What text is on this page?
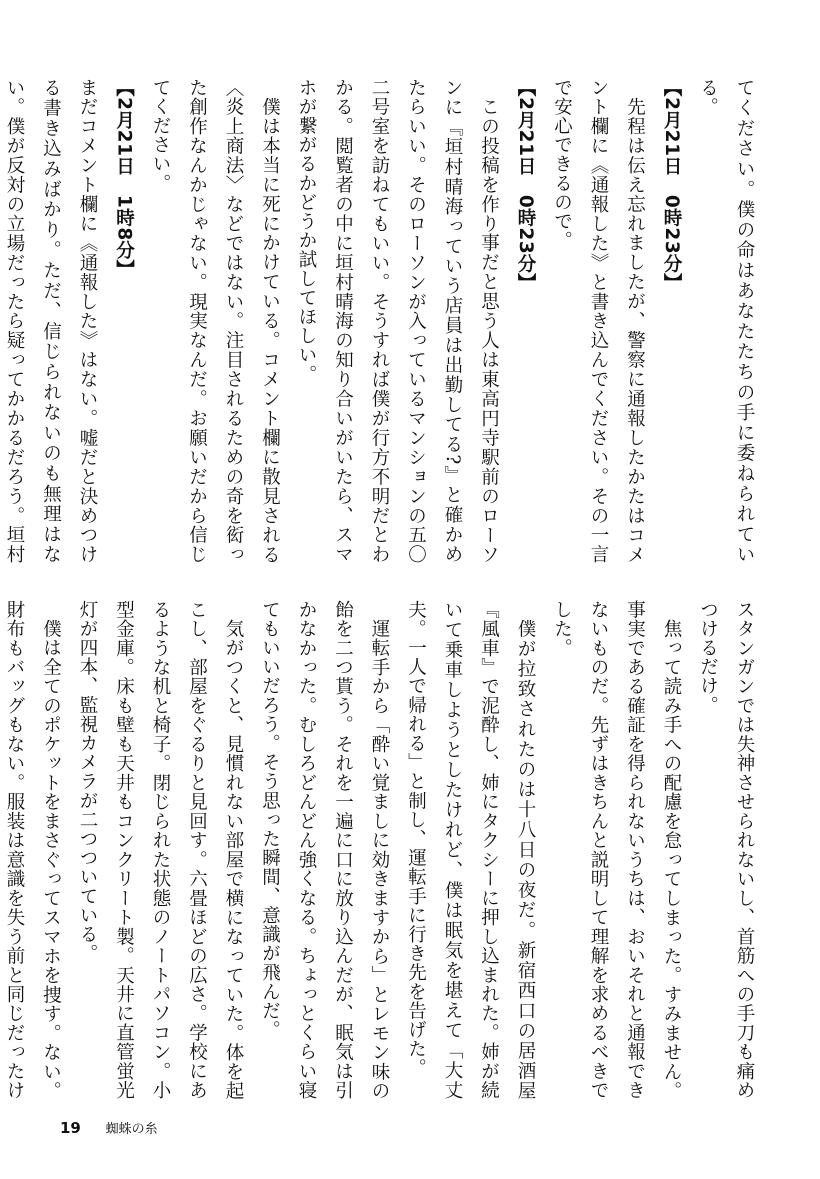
てください。僕の命はあなたたちの手に委ねられている。
【2月21日　0時23分】
先程は伝え忘れましたが、警察に通報したかたはコメント欄に《通報した》と書き込んでください。その一言で安心できるので。
【2月21日　0時23分】
この投稿を作り事だと思う人は東高円寺駅前のローソンに『垣村晴海っていう店員は出勤してる?』と確かめたらいい。そのローソンが入っているマンションの五〇二号室を訪ねてもいい。そうすれば僕が行方不明だとわかる。閲覧者の中に垣村晴海の知り合いがいたら、スマホが繋がるかどうか試してほしい。
僕は本当に死にかけている。コメント欄に散見される〈炎上商法〉などではない。注目されるための奇を衒った創作なんかじゃない。現実なんだ。お願いだから信じてください。
【2月21日　1時8分】
まだコメント欄に《通報した》はない。嘘だと決めつける書き込みばかり。ただ、信じられないのも無理はない。僕が反対の立場だったら疑ってかかるだろう。垣村
スタンガンでは失神させられないし、首筋への手刀も痛めつけるだけ。
焦って読み手への配慮を怠ってしまった。すみません。事実である確証を得られないうちは、おいそれと通報できないものだ。先ずはきちんと説明して理解を求めるべきでした。
僕が拉致されたのは十八日の夜だ。新宿西口の居酒屋『風車』で泥酔し、姉にタクシーに押し込まれた。姉が続いて乗車しようとしたけれど、僕は眠気を堪えて「大丈夫。一人で帰れる」と制し、運転手に行き先を告げた。
運転手から「酔い覚ましに効きますから」とレモン味の飴を二つ貰う。それを一遍に口に放り込んだが、眠気は引かなかった。むしろどんどん強くなる。ちょっとくらい寝てもいいだろう。そう思った瞬間、意識が飛んだ。
気がつくと、見慣れない部屋で横になっていた。体を起こし、部屋をぐるりと見回す。六畳ほどの広さ。学校にあるような机と椅子。閉じられた状態のノートパソコン。小型金庫。床も壁も天井もコンクリート製。天井に直管蛍光灯が四本、監視カメラが二つついている。
僕は全てのポケットをまさぐってスマホを捜す。ない。財布もバッグもない。服装は意識を失う前と同じだったけ
19 蜘蛛の糸
